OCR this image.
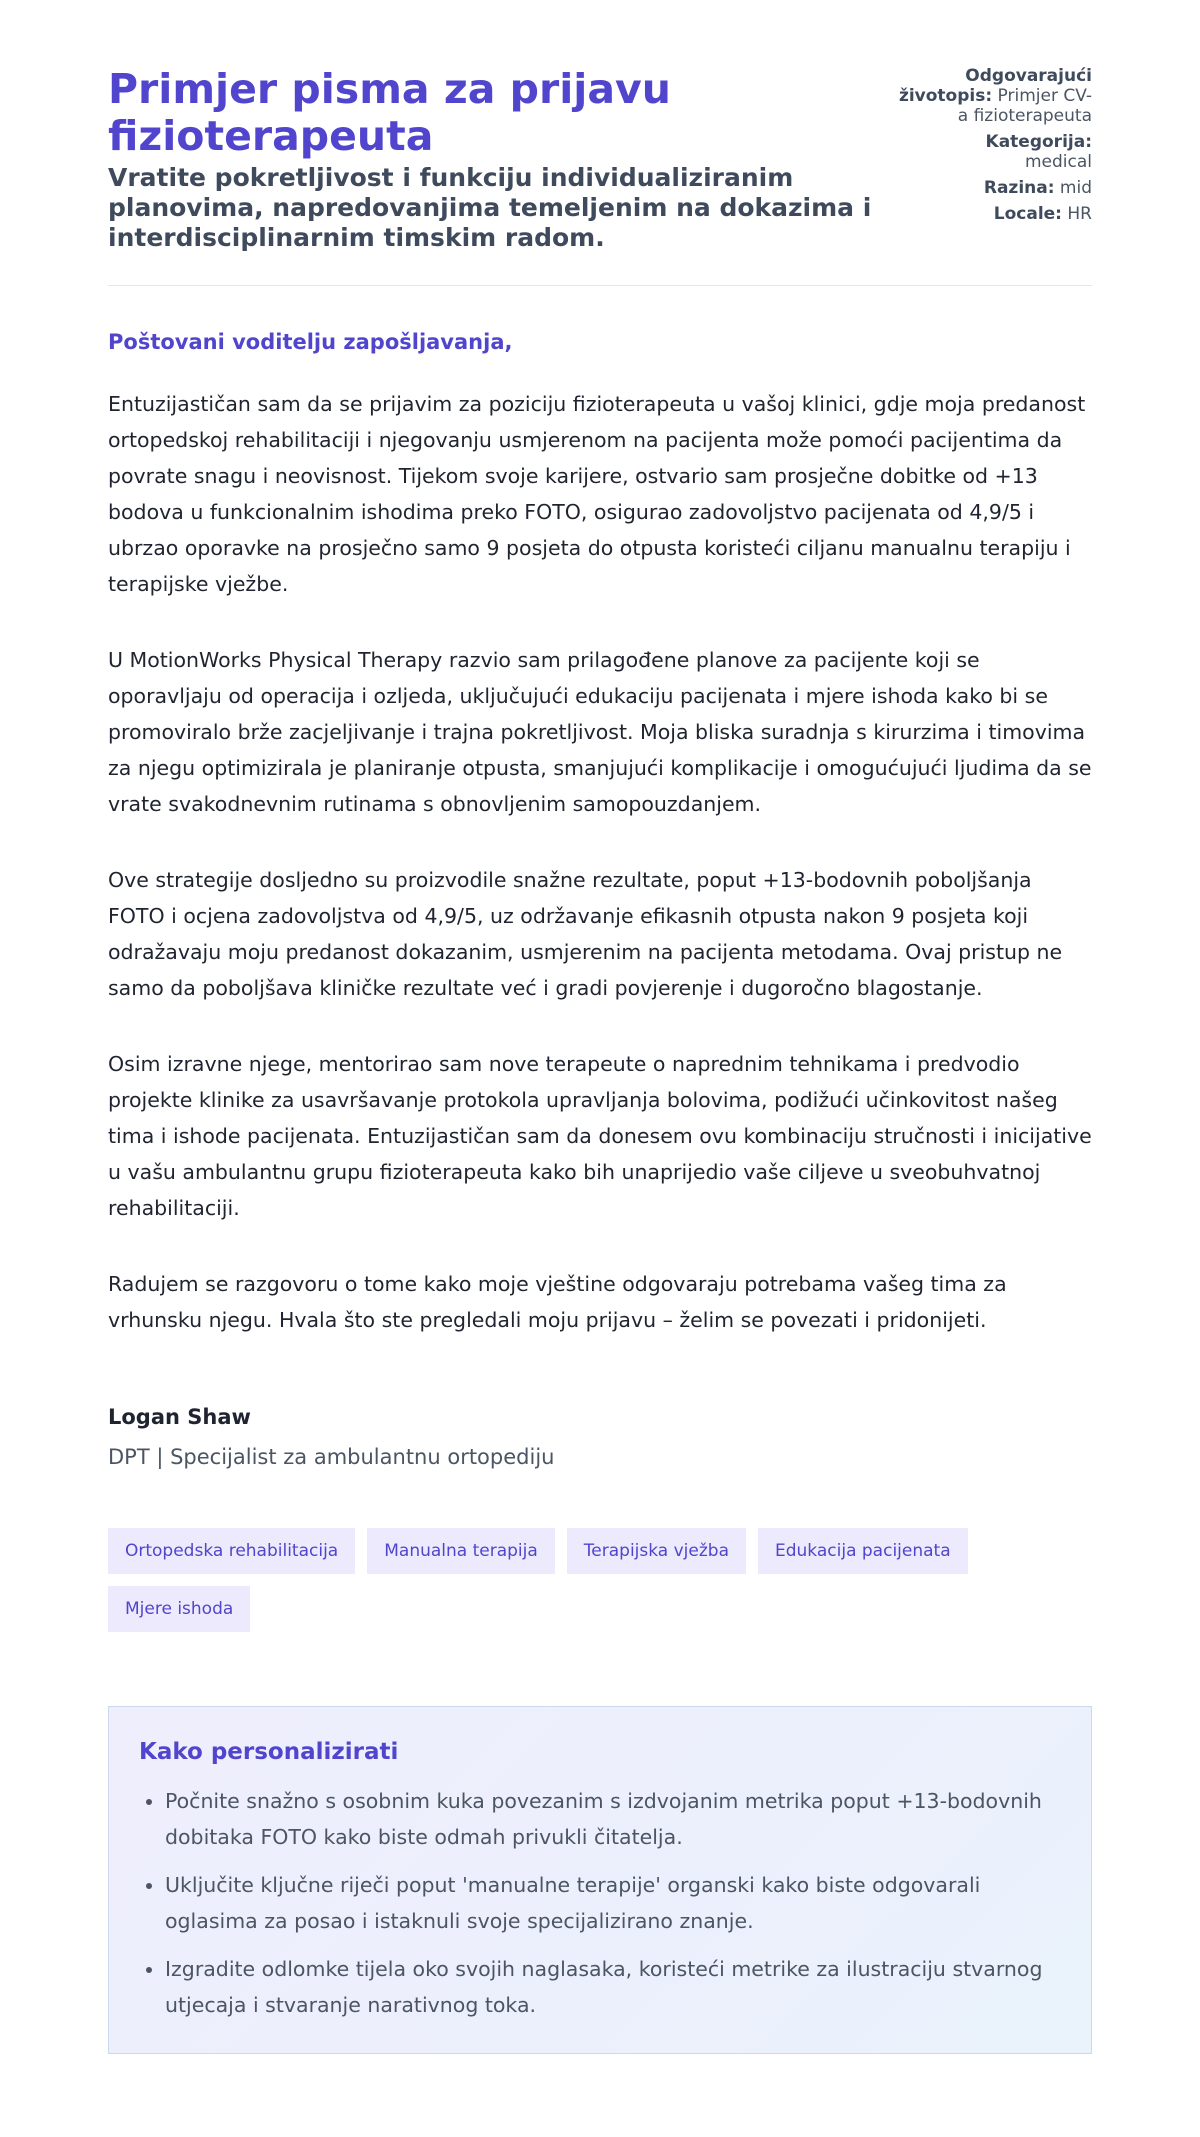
Primjer pisma za prijavu fizioterapeuta

Vratite pokretljivost i funkciju individualiziranim planovima, napredovanjima temeljenim na dokazima i interdisciplinarnim timskim radom.

Odgovarajući životopis: Primjer CV-a fizioterapeuta
Kategorija:
medical
Razina: mid
Locale: HR

Poštovani voditelju zapošljavanja,

Entuzijastičan sam da se prijavim za poziciju fizioterapeuta u vašoj klinici, gdje moja predanost ortopedskoj rehabilitaciji i njegovanju usmjerenom na pacijenta može pomoći pacijentima da povrate snagu i neovisnost. Tijekom svoje karijere, ostvario sam prosječne dobitke od +13 bodova u funkcionalnim ishodima preko FOTO, osigurao zadovoljstvo pacijenata od 4,9/5 i ubrzao oporavke na prosječno samo 9 posjeta do otpusta koristeći ciljanu manualnu terapiju i terapijske vježbe.

U MotionWorks Physical Therapy razvio sam prilagođene planove za pacijente koji se oporavljaju od operacija i ozljeda, uključujući edukaciju pacijenata i mjere ishoda kako bi se promoviralo brže zacjeljivanje i trajna pokretljivost. Moja bliska suradnja s kirurzima i timovima za njegu optimizirala je planiranje otpusta, smanjujući komplikacije i omogućujući ljudima da se vrate svakodnevnim rutinama s obnovljenim samopouzdanjem.

Ove strategije dosljedno su proizvodile snažne rezultate, poput +13-bodovnih poboljšanja FOTO i ocjena zadovoljstva od 4,9/5, uz održavanje efikasnih otpusta nakon 9 posjeta koji odražavaju moju predanost dokazanim, usmjerenim na pacijenta metodama. Ovaj pristup ne samo da poboljšava kliničke rezultate već i gradi povjerenje i dugoročno blagostanje.

Osim izravne njege, mentorirao sam nove terapeute o naprednim tehnikama i predvodio projekte klinike za usavršavanje protokola upravljanja bolovima, podižući učinkovitost našeg tima i ishode pacijenata. Entuzijastičan sam da donesem ovu kombinaciju stručnosti i inicijative u vašu ambulantnu grupu fizioterapeuta kako bih unaprijedio vaše ciljeve u sveobuhvatnoj rehabilitaciji.

Radujem se razgovoru o tome kako moje vještine odgovaraju potrebama vašeg tima za vrhunsku njegu. Hvala što ste pregledali moju prijavu – želim se povezati i pridonijeti.

Logan Shaw

DPT | Specijalist za ambulantnu ortopediju

Ortopedska rehabilitacija	Manualna terapija	Terapijska vježba	Edukacija pacijenata
Mjere ishoda
Kako personalizirati
• Počnite snažno s osobnim kuka povezanim s izdvojanim metrika poput +13-bodovnih dobitaka FOTO kako biste odmah privukli čitatelja.
• Uključite ključne riječi poput 'manualne terapije' organski kako biste odgovarali oglasima za posao i istaknuli svoje specijalizirano znanje.
• Izgradite odlomke tijela oko svojih naglasaka, koristeći metrike za ilustraciju stvarnog utjecaja i stvaranje narativnog toka.
